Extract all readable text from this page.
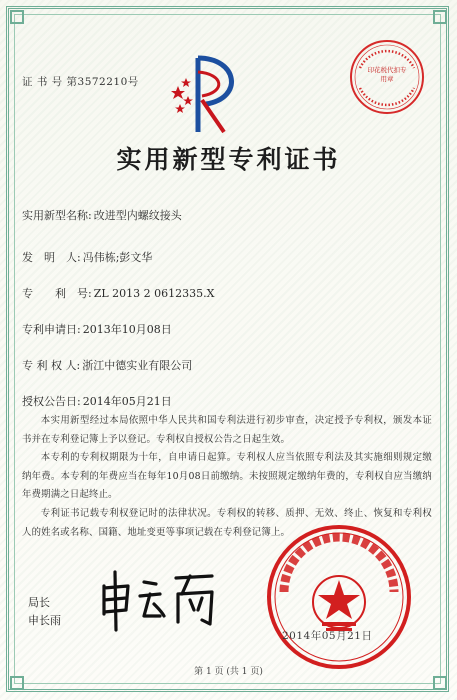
证 书 号 第3572210号
印花税代扣专用章
实用新型专利证书
实用新型名称: 改进型内螺纹接头
发　明　人: 冯伟栋;彭文华
专　　利　号: ZL 2013 2 0612335.X
专利申请日: 2013年10月08日
专 利 权 人: 浙江中德实业有限公司
授权公告日: 2014年05月21日

本实用新型经过本局依照中华人民共和国专利法进行初步审查，决定授予专利权，颁发本证书并在专利登记簿上予以登记。专利权自授权公告之日起生效。

本专利的专利权期限为十年，自申请日起算。专利权人应当依照专利法及其实施细则规定缴纳年费。本专利的年费应当在每年10月08日前缴纳。未按照规定缴纳年费的，专利权自应当缴纳年费期满之日起终止。

专利证书记载专利权登记时的法律状况。专利权的转移、质押、无效、终止、恢复和专利权人的姓名或名称、国籍、地址变更等事项记载在专利登记簿上。

局长
申长雨
2014年05月21日
第 1 页 (共 1 页)
